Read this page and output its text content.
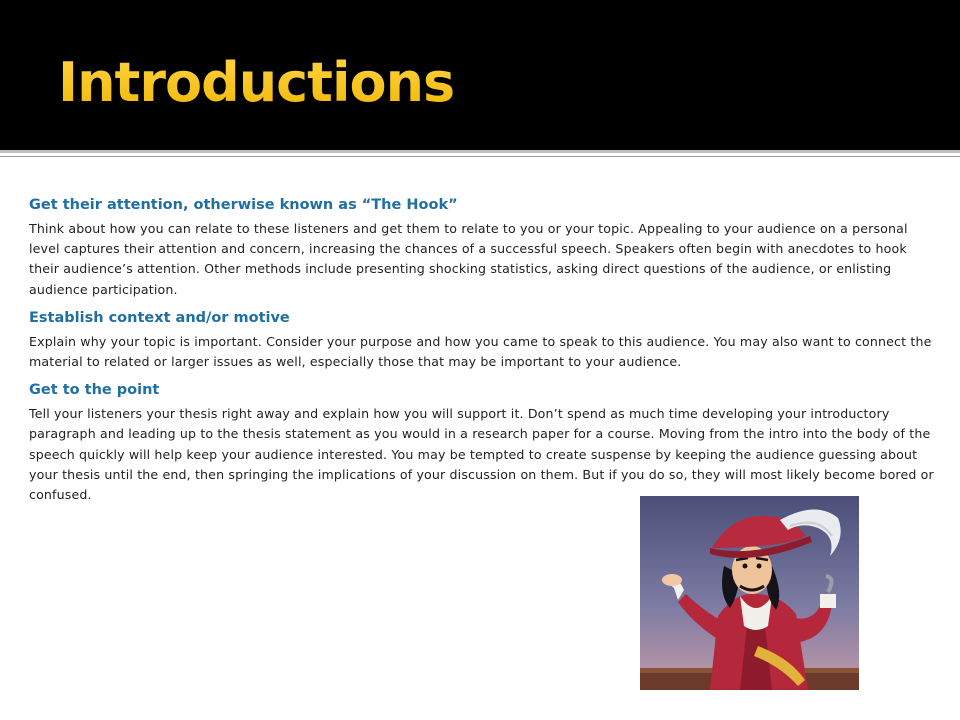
Introductions
Get their attention, otherwise known as “The Hook”

Think about how you can relate to these listeners and get them to relate to you or your topic. Appealing to your audience on a personal level captures their attention and concern, increasing the chances of a successful speech. Speakers often begin with anecdotes to hook their audience’s attention. Other methods include presenting shocking statistics, asking direct questions of the audience, or enlisting audience participation.

Establish context and/or motive

Explain why your topic is important. Consider your purpose and how you came to speak to this audience. You may also want to connect the material to related or larger issues as well, especially those that may be important to your audience.

Get to the point

Tell your listeners your thesis right away and explain how you will support it. Don’t spend as much time developing your introductory paragraph and leading up to the thesis statement as you would in a research paper for a course. Moving from the intro into the body of the speech quickly will help keep your audience interested. You may be tempted to create suspense by keeping the audience guessing about your thesis until the end, then springing the implications of your discussion on them. But if you do so, they will most likely become bored or confused.
